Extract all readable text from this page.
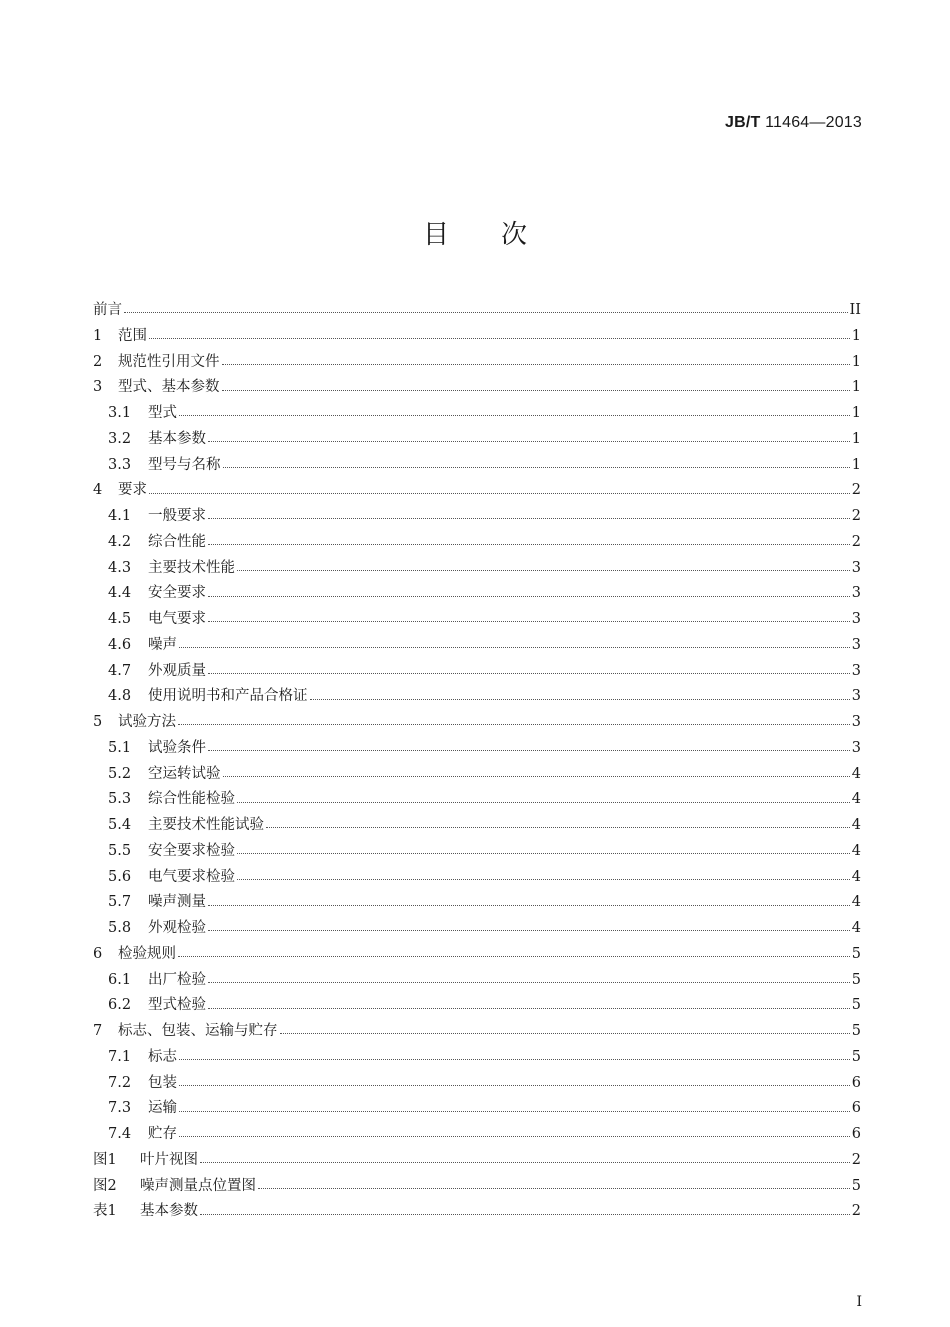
JB/T 11464—2013
目次
前言	II
1	范围	1
2	规范性引用文件	1
3	型式、基本参数	1
3.1	型式	1
3.2	基本参数	1
3.3	型号与名称	1
4	要求	2
4.1	一般要求	2
4.2	综合性能	2
4.3	主要技术性能	3
4.4	安全要求	3
4.5	电气要求	3
4.6	噪声	3
4.7	外观质量	3
4.8	使用说明书和产品合格证	3
5	试验方法	3
5.1	试验条件	3
5.2	空运转试验	4
5.3	综合性能检验	4
5.4	主要技术性能试验	4
5.5	安全要求检验	4
5.6	电气要求检验	4
5.7	噪声测量	4
5.8	外观检验	4
6	检验规则	5
6.1	出厂检验	5
6.2	型式检验	5
7	标志、包装、运输与贮存	5
7.1	标志	5
7.2	包装	6
7.3	运输	6
7.4	贮存	6
图1	叶片视图	2
图2	噪声测量点位置图	5
表1	基本参数	2
I
